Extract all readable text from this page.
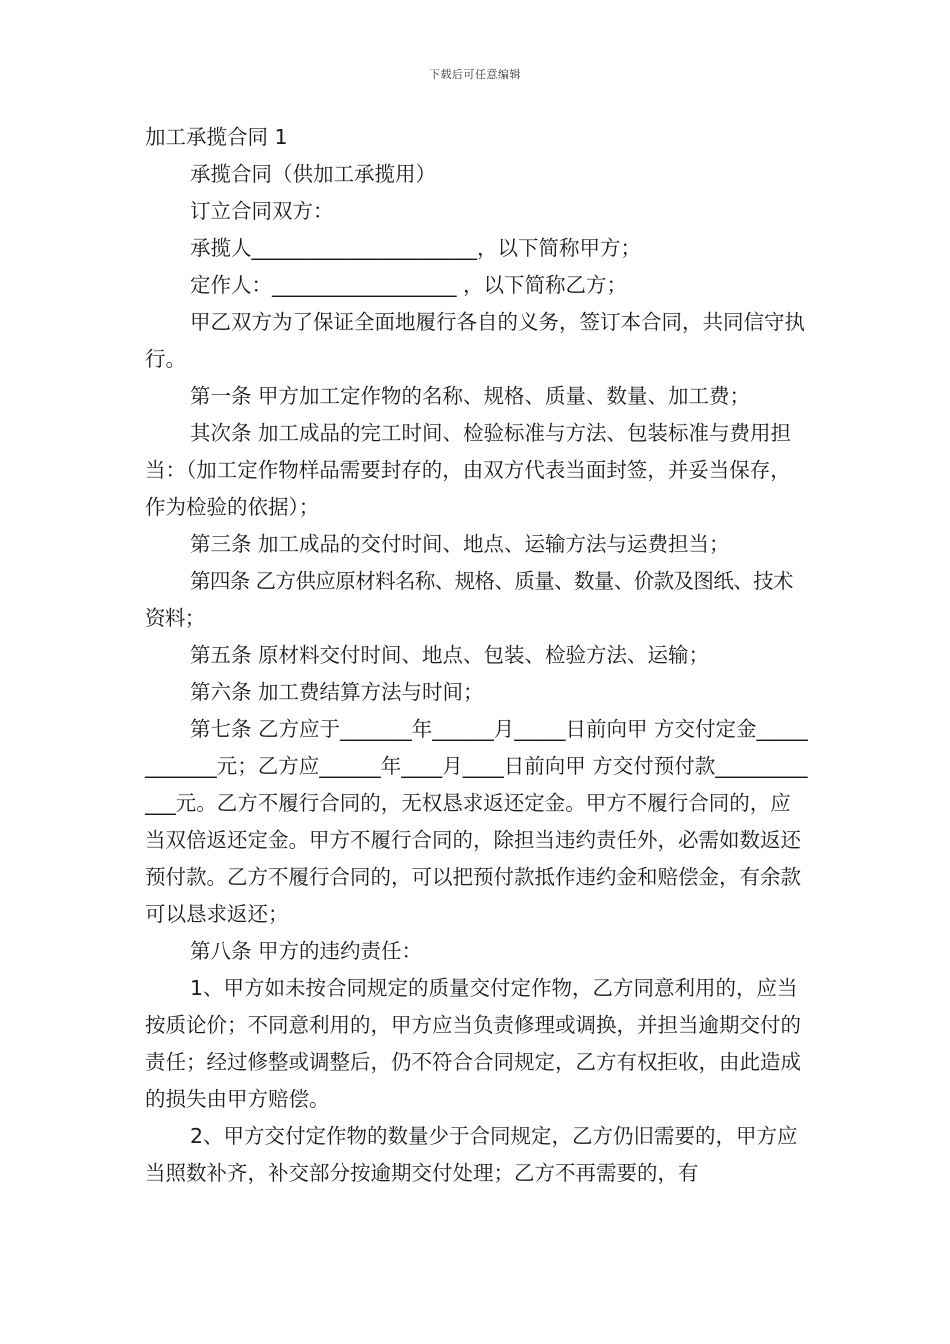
下载后可任意编辑

加工承揽合同 1

承揽合同（供加工承揽用）

订立合同双方：

承揽人______________________，以下简称甲方；

定作人：__________________ ，以下简称乙方；

甲乙双方为了保证全面地履行各自的义务，签订本合同，共同信守执行。

第一条 甲方加工定作物的名称、规格、质量、数量、加工费；

其次条 加工成品的完工时间、检验标准与方法、包装标准与费用担当：（加工定作物样品需要封存的，由双方代表当面封签，并妥当保存，作为检验的依据）；

第三条 加工成品的交付时间、地点、运输方法与运费担当；

第四条 乙方供应原材料名称、规格、质量、数量、价款及图纸、技术资料；

第五条 原材料交付时间、地点、包装、检验方法、运输；

第六条 加工费结算方法与时间；

第七条 乙方应于_______年______月_____日前向甲 方交付定金____________元；乙方应______年____月____日前向甲 方交付预付款____________元。乙方不履行合同的，无权恳求返还定金。甲方不履行合同的，应当双倍返还定金。甲方不履行合同的，除担当违约责任外，必需如数返还预付款。乙方不履行合同的，可以把预付款抵作违约金和赔偿金，有余款可以恳求返还；

第八条 甲方的违约责任：

1、甲方如未按合同规定的质量交付定作物，乙方同意利用的，应当按质论价；不同意利用的，甲方应当负责修理或调换，并担当逾期交付的责任；经过修整或调整后，仍不符合合同规定，乙方有权拒收，由此造成的损失由甲方赔偿。

2、甲方交付定作物的数量少于合同规定，乙方仍旧需要的，甲方应当照数补齐，补交部分按逾期交付处理；乙方不再需要的，有
